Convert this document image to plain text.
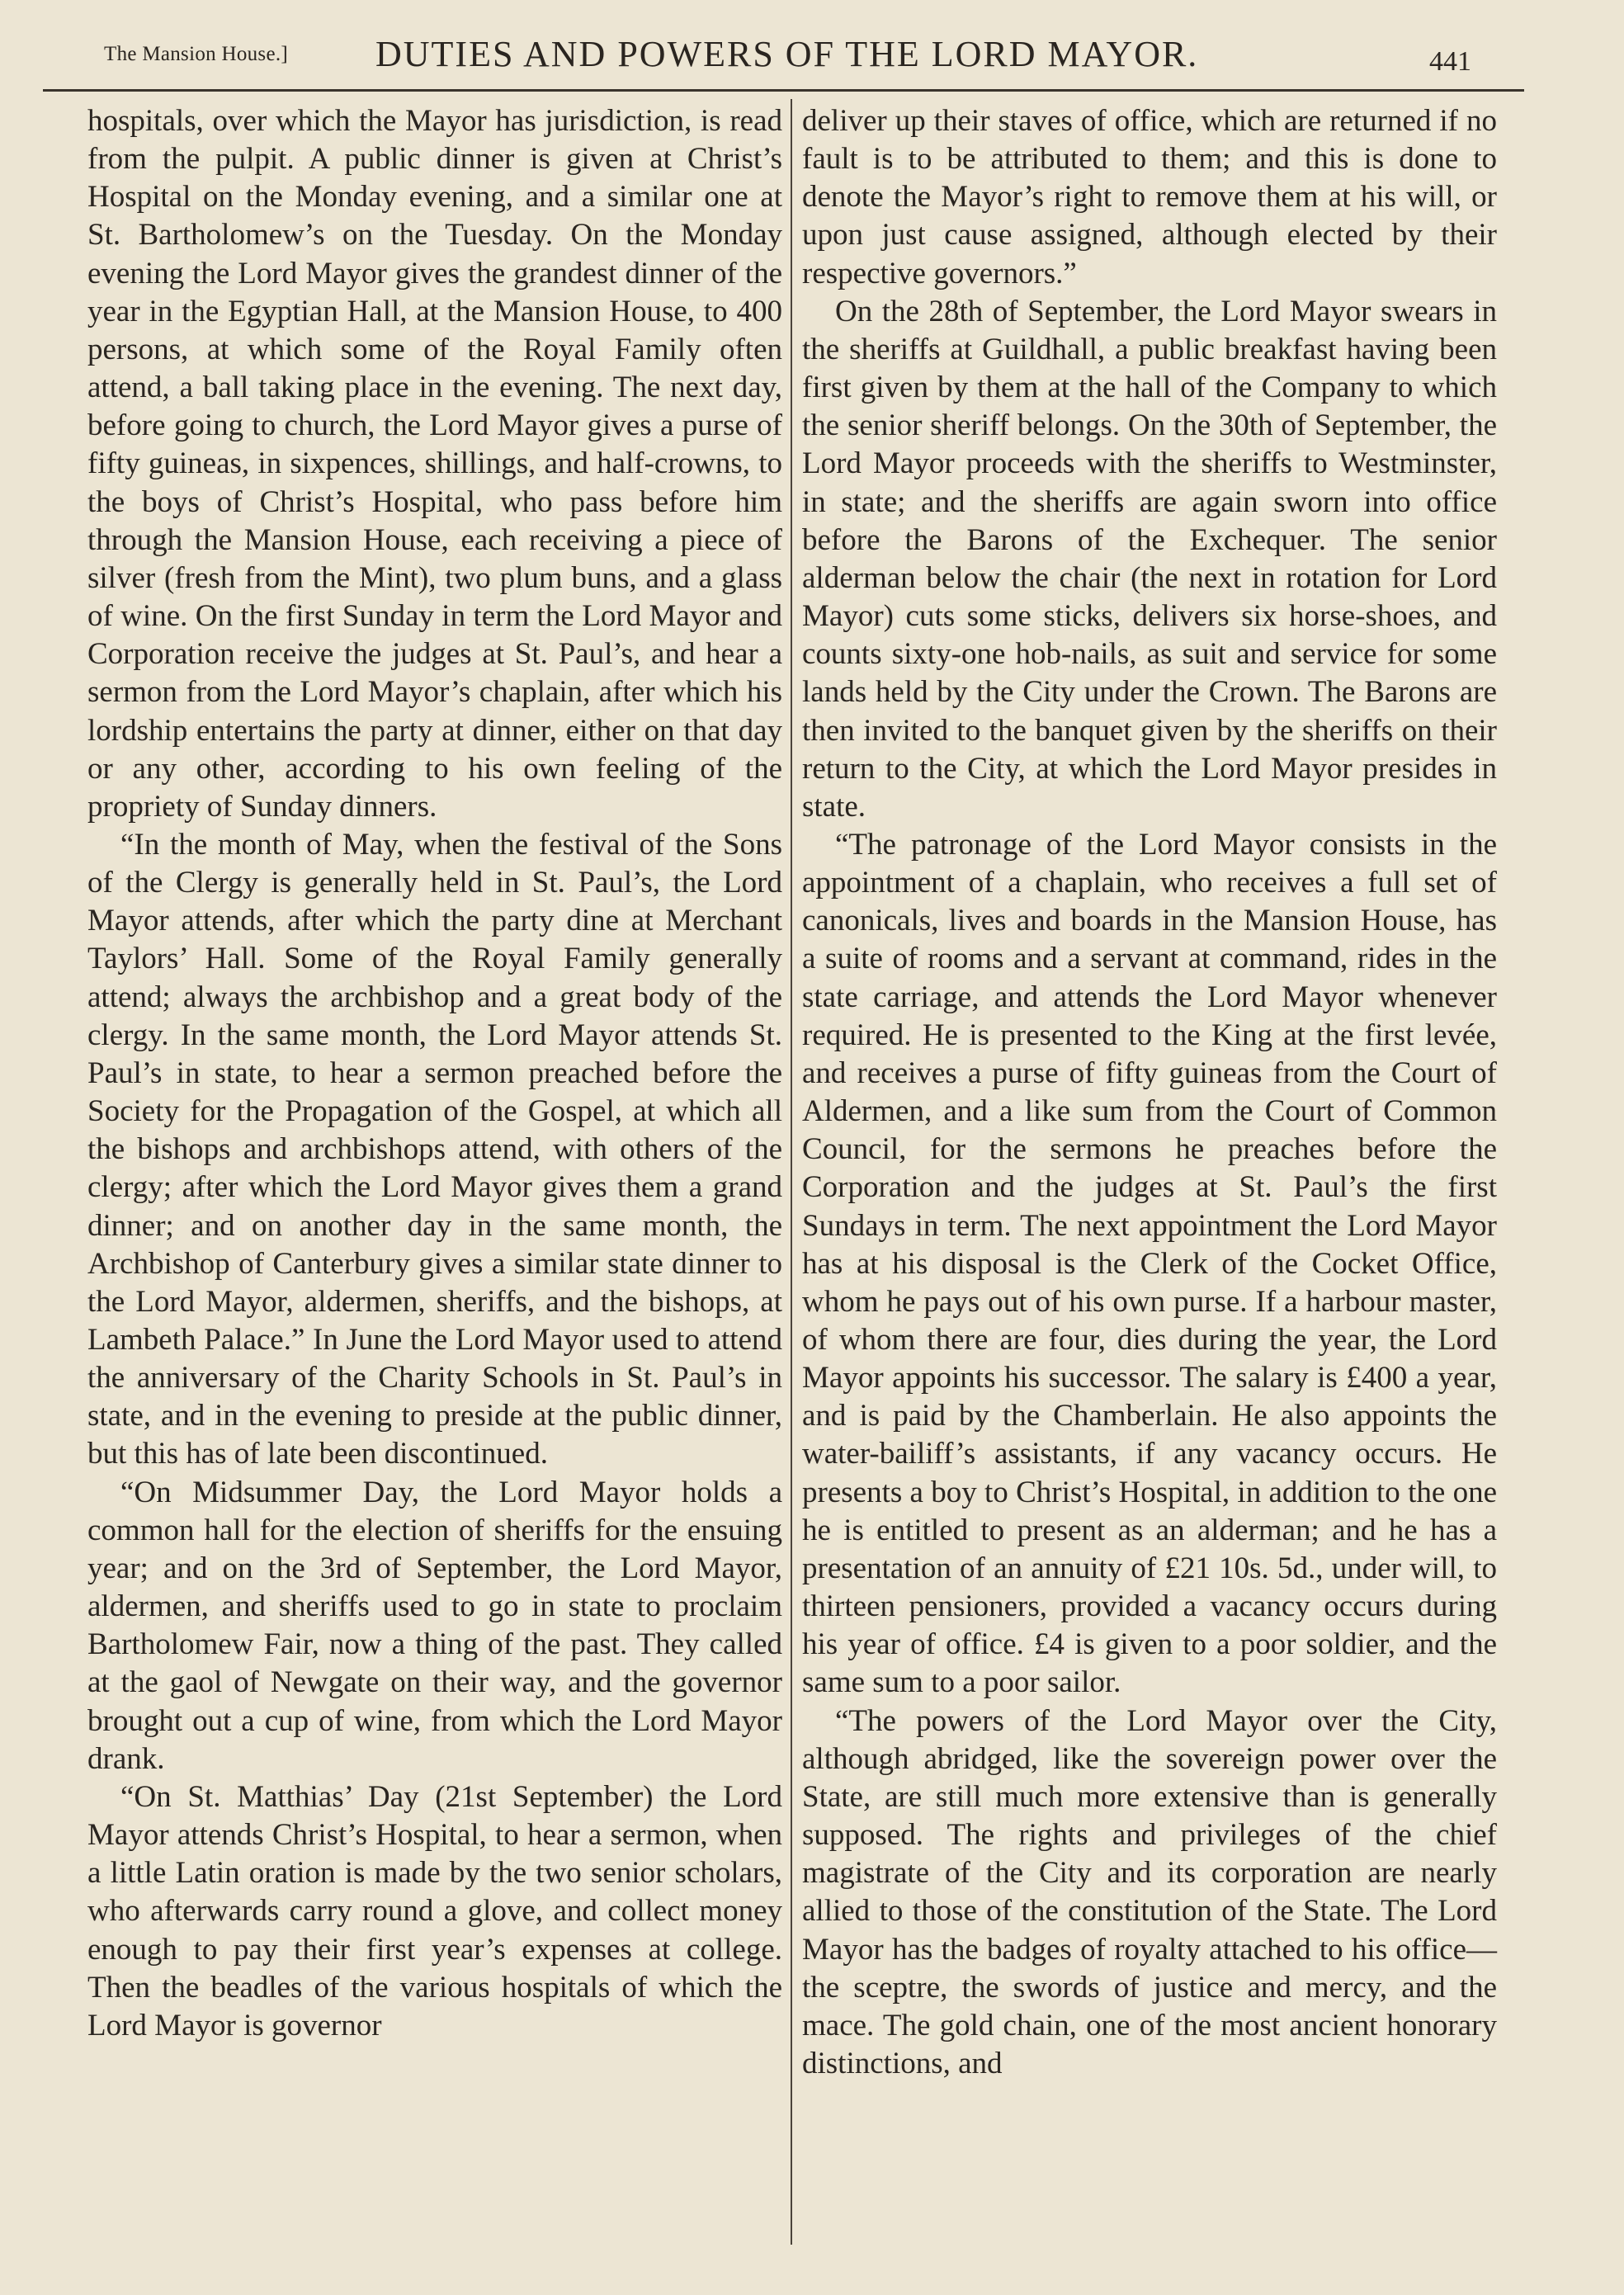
The Mansion House.] DUTIES AND POWERS OF THE LORD MAYOR.	441

hospitals, over which the Mayor has jurisdiction, is read from the pulpit. A public dinner is given at Christ’s Hospital on the Monday evening, and a similar one at St. Bartholomew’s on the Tuesday. On the Monday evening the Lord Mayor gives the grandest dinner of the year in the Egyptian Hall, at the Mansion House, to 400 persons, at which some of the Royal Family often attend, a ball taking place in the evening. The next day, before going to church, the Lord Mayor gives a purse of fifty guineas, in sixpences, shillings, and half-crowns, to the boys of Christ’s Hospital, who pass before him through the Mansion House, each receiving a piece of silver (fresh from the Mint), two plum buns, and a glass of wine. On the first Sunday in term the Lord Mayor and Corporation receive the judges at St. Paul’s, and hear a sermon from the Lord Mayor’s chaplain, after which his lordship entertains the party at dinner, either on that day or any other, according to his own feeling of the propriety of Sunday dinners.

“In the month of May, when the festival of the Sons of the Clergy is generally held in St. Paul’s, the Lord Mayor attends, after which the party dine at Merchant Taylors’ Hall. Some of the Royal Family generally attend; always the archbishop and a great body of the clergy. In the same month, the Lord Mayor attends St. Paul’s in state, to hear a sermon preached before the Society for the Propagation of the Gospel, at which all the bishops and archbishops attend, with others of the clergy; after which the Lord Mayor gives them a grand dinner; and on another day in the same month, the Archbishop of Canterbury gives a similar state dinner to the Lord Mayor, aldermen, sheriffs, and the bishops, at Lambeth Palace.” In June the Lord Mayor used to attend the anniversary of the Charity Schools in St. Paul’s in state, and in the evening to preside at the public dinner, but this has of late been discontinued.

“On Midsummer Day, the Lord Mayor holds a common hall for the election of sheriffs for the ensuing year; and on the 3rd of September, the Lord Mayor, aldermen, and sheriffs used to go in state to proclaim Bartholomew Fair, now a thing of the past. They called at the gaol of Newgate on their way, and the governor brought out a cup of wine, from which the Lord Mayor drank.

“On St. Matthias’ Day (21st September) the Lord Mayor attends Christ’s Hospital, to hear a sermon, when a little Latin oration is made by the two senior scholars, who afterwards carry round a glove, and collect money enough to pay their first year’s expenses at college. Then the beadles of the various hospitals of which the Lord Mayor is governor

deliver up their staves of office, which are returned if no fault is to be attributed to them; and this is done to denote the Mayor’s right to remove them at his will, or upon just cause assigned, although elected by their respective governors.”

On the 28th of September, the Lord Mayor swears in the sheriffs at Guildhall, a public breakfast having been first given by them at the hall of the Company to which the senior sheriff belongs. On the 30th of September, the Lord Mayor proceeds with the sheriffs to Westminster, in state; and the sheriffs are again sworn into office before the Barons of the Exchequer. The senior alderman below the chair (the next in rotation for Lord Mayor) cuts some sticks, delivers six horse-shoes, and counts sixty-one hob-nails, as suit and service for some lands held by the City under the Crown. The Barons are then invited to the banquet given by the sheriffs on their return to the City, at which the Lord Mayor presides in state.

“The patronage of the Lord Mayor consists in the appointment of a chaplain, who receives a full set of canonicals, lives and boards in the Mansion House, has a suite of rooms and a servant at command, rides in the state carriage, and attends the Lord Mayor whenever required. He is presented to the King at the first levée, and receives a purse of fifty guineas from the Court of Aldermen, and a like sum from the Court of Common Council, for the sermons he preaches before the Corporation and the judges at St. Paul’s the first Sundays in term. The next appointment the Lord Mayor has at his disposal is the Clerk of the Cocket Office, whom he pays out of his own purse. If a harbour master, of whom there are four, dies during the year, the Lord Mayor appoints his successor. The salary is £400 a year, and is paid by the Chamberlain. He also appoints the water-bailiff’s assistants, if any vacancy occurs. He presents a boy to Christ’s Hospital, in addition to the one he is entitled to present as an alderman; and he has a presentation of an annuity of £21 10s. 5d., under will, to thirteen pensioners, provided a vacancy occurs during his year of office. £4 is given to a poor soldier, and the same sum to a poor sailor.

“The powers of the Lord Mayor over the City, although abridged, like the sovereign power over the State, are still much more extensive than is generally supposed. The rights and privileges of the chief magistrate of the City and its corporation are nearly allied to those of the constitution of the State. The Lord Mayor has the badges of royalty attached to his office—the sceptre, the swords of justice and mercy, and the mace. The gold chain, one of the most ancient honorary distinctions, and
